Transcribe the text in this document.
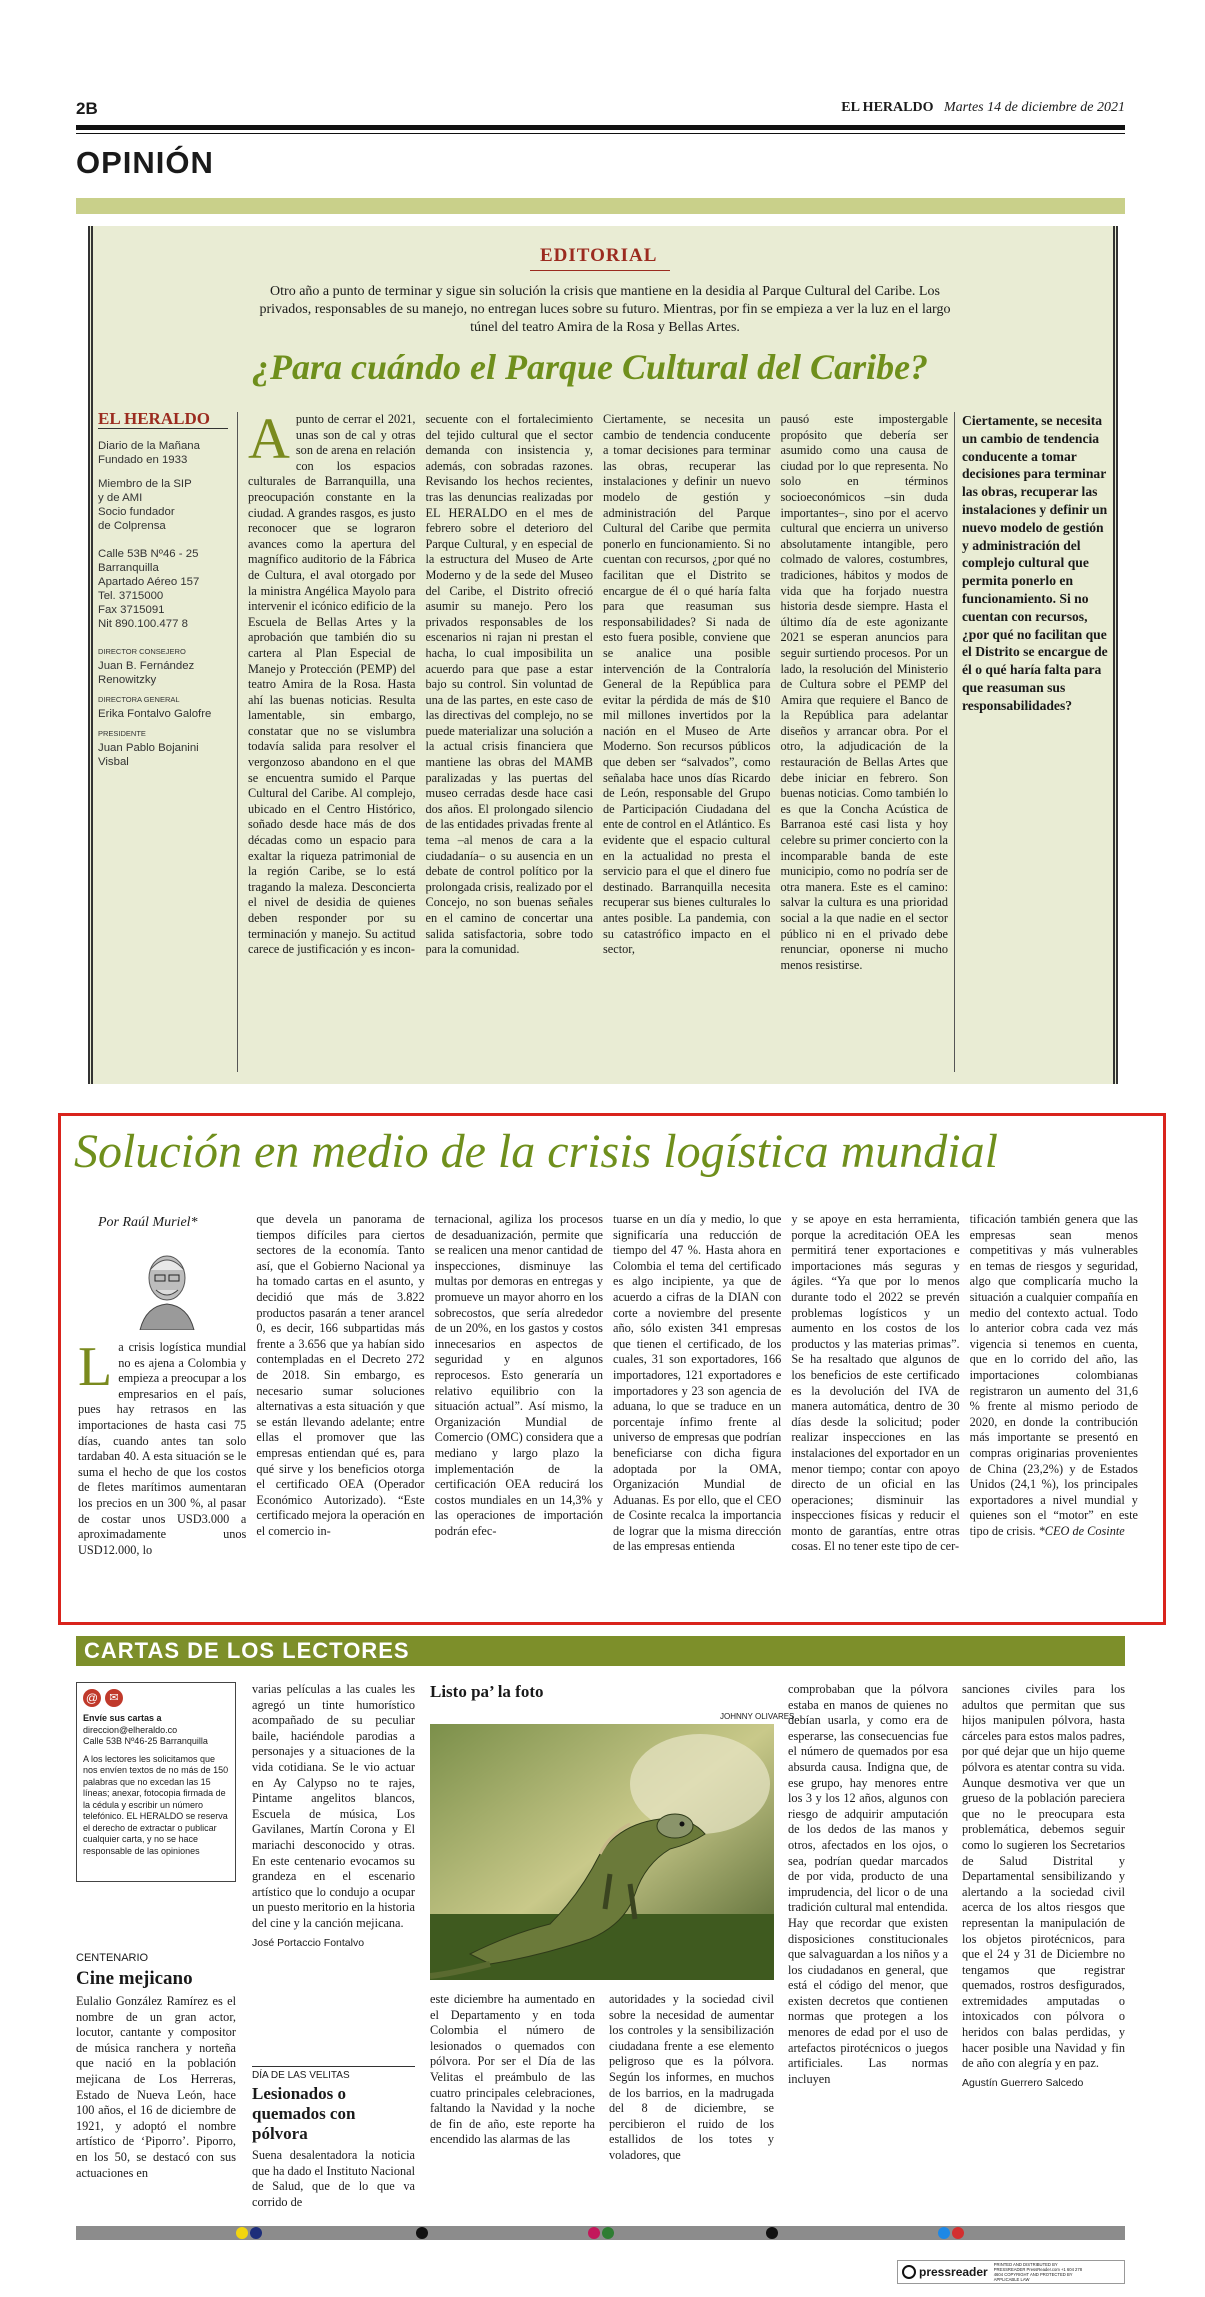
2B	EL HERALDO Martes 14 de diciembre de 2021
OPINIÓN
EDITORIAL
Otro año a punto de terminar y sigue sin solución la crisis que mantiene en la desidia al Parque Cultural del Caribe. Los privados, responsables de su manejo, no entregan luces sobre su futuro. Mientras, por fin se empieza a ver la luz en el largo túnel del teatro Amira de la Rosa y Bellas Artes.
¿Para cuándo el Parque Cultural del Caribe?
EL HERALDO
Diario de la Mañana
Fundado en 1933
Miembro de la SIP
y de AMI
Socio fundador
de Colprensa
Calle 53B Nº46 - 25
Barranquilla
Apartado Aéreo 157
Tel. 3715000
Fax 3715091
Nit 890.100.477 8
DIRECTOR CONSEJERO
Juan B. Fernández Renowitzky
DIRECTORA GENERAL
Erika Fontalvo Galofre
PRESIDENTE
Juan Pablo Bojanini Visbal
Apunto de cerrar el 2021, unas son de cal y otras son de arena en relación con los espacios culturales de Barranquilla, una preocupación constante en la ciudad. A grandes rasgos, es justo reconocer que se lograron avances como la apertura del magnífico auditorio de la Fábrica de Cultura, el aval otorgado por la ministra Angélica Mayolo para intervenir el icónico edificio de la Escuela de Bellas Artes y la aprobación que también dio su cartera al Plan Especial de Manejo y Protección (PEMP) del teatro Amira de la Rosa. Hasta ahí las buenas noticias. Resulta lamentable, sin embargo, constatar que no se vislumbra todavía salida para resolver el vergonzoso abandono en el que se encuentra sumido el Parque Cultural del Caribe. Al complejo, ubicado en el Centro Histórico, soñado desde hace más de dos décadas como un espacio para exaltar la riqueza patrimonial de la región Caribe, se lo está tragando la maleza. Desconcierta el nivel de desidia de quienes deben responder por su terminación y manejo. Su actitud carece de justificación y es incon-
secuente con el fortalecimiento del tejido cultural que el sector demanda con insistencia y, además, con sobradas razones. Revisando los hechos recientes, tras las denuncias realizadas por EL HERALDO en el mes de febrero sobre el deterioro del Parque Cultural, y en especial de la estructura del Museo de Arte Moderno y de la sede del Museo del Caribe, el Distrito ofreció asumir su manejo. Pero los privados responsables de los escenarios ni rajan ni prestan el hacha, lo cual imposibilita un acuerdo para que pase a estar bajo su control. Sin voluntad de una de las partes, en este caso de las directivas del complejo, no se puede materializar una solución a la actual crisis financiera que mantiene las obras del MAMB paralizadas y las puertas del museo cerradas desde hace casi dos años. El prolongado silencio de las entidades privadas frente al tema –al menos de cara a la ciudadanía– o su ausencia en un debate de control político por la prolongada crisis, realizado por el Concejo, no son buenas señales en el camino de concertar una salida satisfactoria, sobre todo para la comunidad.
Ciertamente, se necesita un cambio de tendencia conducente a tomar decisiones para terminar las obras, recuperar las instalaciones y definir un nuevo modelo de gestión y administración del Parque Cultural del Caribe que permita ponerlo en funcionamiento. Si no cuentan con recursos, ¿por qué no facilitan que el Distrito se encargue de él o qué haría falta para que reasuman sus responsabilidades? Si nada de esto fuera posible, conviene que se analice una posible intervención de la Contraloría General de la República para evitar la pérdida de más de $10 mil millones invertidos por la nación en el Museo de Arte Moderno. Son recursos públicos que deben ser “salvados”, como señalaba hace unos días Ricardo de León, responsable del Grupo de Participación Ciudadana del ente de control en el Atlántico. Es evidente que el espacio cultural en la actualidad no presta el servicio para el que el dinero fue destinado. Barranquilla necesita recuperar sus bienes culturales lo antes posible. La pandemia, con su catastrófico impacto en el sector,
pausó este impostergable propósito que debería ser asumido como una causa de ciudad por lo que representa. No solo en términos socioeconómicos –sin duda importantes–, sino por el acervo cultural que encierra un universo absolutamente intangible, pero colmado de valores, costumbres, tradiciones, hábitos y modos de vida que ha forjado nuestra historia desde siempre. Hasta el último día de este agonizante 2021 se esperan anuncios para seguir surtiendo procesos. Por un lado, la resolución del Ministerio de Cultura sobre el PEMP del Amira que requiere el Banco de la República para adelantar diseños y arrancar obra. Por el otro, la adjudicación de la restauración de Bellas Artes que debe iniciar en febrero. Son buenas noticias. Como también lo es que la Concha Acústica de Barranoa esté casi lista y hoy celebre su primer concierto con la incomparable banda de este municipio, como no podría ser de otra manera. Este es el camino: salvar la cultura es una prioridad social a la que nadie en el sector público ni en el privado debe renunciar, oponerse ni mucho menos resistirse.
Ciertamente, se necesita un cambio de tendencia conducente a tomar decisiones para terminar las obras, recuperar las instalaciones y definir un nuevo modelo de gestión y administración del complejo cultural que permita ponerlo en funcionamiento. Si no cuentan con recursos, ¿por qué no facilitan que el Distrito se encargue de él o qué haría falta para que reasuman sus responsabilidades?
Solución en medio de la crisis logística mundial
Por Raúl Muriel*
La crisis logística mundial no es ajena a Colombia y empieza a preocupar a los empresarios en el país, pues hay retrasos en las importaciones de hasta casi 75 días, cuando antes tan solo tardaban 40. A esta situación se le suma el hecho de que los costos de fletes marítimos aumentaran los precios en un 300 %, al pasar de costar unos USD3.000 a aproximadamente unos USD12.000, lo
que devela un panorama de tiempos difíciles para ciertos sectores de la economía. Tanto así, que el Gobierno Nacional ya ha tomado cartas en el asunto, y decidió que más de 3.822 productos pasarán a tener arancel 0, es decir, 166 subpartidas más frente a 3.656 que ya habían sido contempladas en el Decreto 272 de 2018. Sin embargo, es necesario sumar soluciones alternativas a esta situación y que se están llevando adelante; entre ellas el promover que las empresas entiendan qué es, para qué sirve y los beneficios otorga el certificado OEA (Operador Económico Autorizado). “Este certificado mejora la operación en el comercio in-
ternacional, agiliza los procesos de desaduanización, permite que se realicen una menor cantidad de inspecciones, disminuye las multas por demoras en entregas y promueve un mayor ahorro en los sobrecostos, que sería alrededor de un 20%, en los gastos y costos innecesarios en aspectos de seguridad y en algunos reprocesos. Esto generaría un relativo equilibrio con la situación actual”. Así mismo, la Organización Mundial de Comercio (OMC) considera que a mediano y largo plazo la implementación de la certificación OEA reducirá los costos mundiales en un 14,3% y las operaciones de importación podrán efec-
tuarse en un día y medio, lo que significaría una reducción de tiempo del 47 %. Hasta ahora en Colombia el tema del certificado es algo incipiente, ya que de acuerdo a cifras de la DIAN con corte a noviembre del presente año, sólo existen 341 empresas que tienen el certificado, de los cuales, 31 son exportadores, 166 importadores, 121 exportadores e importadores y 23 son agencia de aduana, lo que se traduce en un porcentaje ínfimo frente al universo de empresas que podrían beneficiarse con dicha figura adoptada por la OMA, Organización Mundial de Aduanas. Es por ello, que el CEO de Cosinte recalca la importancia de lograr que la misma dirección de las empresas entienda
y se apoye en esta herramienta, porque la acreditación OEA les permitirá tener exportaciones e importaciones más seguras y ágiles. “Ya que por lo menos durante todo el 2022 se prevén problemas logísticos y un aumento en los costos de los productos y las materias primas”. Se ha resaltado que algunos de los beneficios de este certificado es la devolución del IVA de manera automática, dentro de 30 días desde la solicitud; poder realizar inspecciones en las instalaciones del exportador en un menor tiempo; contar con apoyo directo de un oficial en las operaciones; disminuir las inspecciones físicas y reducir el monto de garantías, entre otras cosas. El no tener este tipo de cer-
tificación también genera que las empresas sean menos competitivas y más vulnerables en temas de riesgos y seguridad, algo que complicaría mucho la situación a cualquier compañía en medio del contexto actual. Todo lo anterior cobra cada vez más vigencia si tenemos en cuenta, que en lo corrido del año, las importaciones colombianas registraron un aumento del 31,6 % frente al mismo periodo de 2020, en donde la contribución más importante se presentó en compras originarias provenientes de China (23,2%) y de Estados Unidos (24,1 %), los principales exportadores a nivel mundial y quienes son el “motor” en este tipo de crisis. *CEO de Cosinte
CARTAS DE LOS LECTORES
@	✉
Envíe sus cartas a
direccion@elheraldo.co
Calle 53B Nº46-25 Barranquilla
A los lectores les solicitamos que nos envíen textos de no más de 150 palabras que no excedan las 15 líneas; anexar, fotocopia firmada de la cédula y escribir un número telefónico. EL HERALDO se reserva el derecho de extractar o publicar cualquier carta, y no se hace responsable de las opiniones
CENTENARIO
Cine mejicano
Eulalio González Ramírez es el nombre de un gran actor, locutor, cantante y compositor de música ranchera y norteña que nació en la población mejicana de Los Herreras, Estado de Nueva León, hace 100 años, el 16 de diciembre de 1921, y adoptó el nombre artístico de ‘Piporro’. Piporro, en los 50, se destacó con sus actuaciones en
varias películas a las cuales les agregó un tinte humorístico acompañado de su peculiar baile, haciéndole parodias a personajes y a situaciones de la vida cotidiana. Se le vio actuar en Ay Calypso no te rajes, Pintame angelitos blancos, Escuela de música, Los Gavilanes, Martín Corona y El mariachi desconocido y otras. En este centenario evocamos su grandeza en el escenario artístico que lo condujo a ocupar un puesto meritorio en la historia del cine y la canción mejicana.
José Portaccio Fontalvo
DÍA DE LAS VELITAS
Lesionados o quemados con pólvora
Suena desalentadora la noticia que ha dado el Instituto Nacional de Salud, que de lo que va corrido de
Listo pa’ la foto
JOHNNY OLIVARES
este diciembre ha aumentado en el Departamento y en toda Colombia el número de lesionados o quemados con pólvora. Por ser el Día de las Velitas el preámbulo de las cuatro principales celebraciones, faltando la Navidad y la noche de fin de año, este reporte ha encendido las alarmas de las
autoridades y la sociedad civil sobre la necesidad de aumentar los controles y la sensibilización ciudadana frente a ese elemento peligroso que es la pólvora. Según los informes, en muchos de los barrios, en la madrugada del 8 de diciembre, se percibieron el ruido de los estallidos de los totes y voladores, que
comprobaban que la pólvora estaba en manos de quienes no debían usarla, y como era de esperarse, las consecuencias fue el número de quemados por esa absurda causa. Indigna que, de ese grupo, hay menores entre los 3 y los 12 años, algunos con riesgo de adquirir amputación de los dedos de las manos y otros, afectados en los ojos, o sea, podrían quedar marcados de por vida, producto de una imprudencia, del licor o de una tradición cultural mal entendida. Hay que recordar que existen disposiciones constitucionales que salvaguardan a los niños y a los ciudadanos en general, que está el código del menor, que existen decretos que contienen normas que protegen a los menores de edad por el uso de artefactos pirotécnicos o juegos artificiales. Las normas incluyen
sanciones civiles para los adultos que permitan que sus hijos manipulen pólvora, hasta cárceles para estos malos padres, por qué dejar que un hijo queme pólvora es atentar contra su vida. Aunque desmotiva ver que un grueso de la población pareciera que no le preocupara esta problemática, debemos seguir como lo sugieren los Secretarios de Salud Distrital y Departamental sensibilizando y alertando a la sociedad civil acerca de los altos riesgos que representan la manipulación de los objetos pirotécnicos, para que el 24 y 31 de Diciembre no tengamos que registrar quemados, rostros desfigurados, extremidades amputadas o intoxicados con pólvora o heridos con balas perdidas, y hacer posible una Navidad y fin de año con alegría y en paz.
Agustín Guerrero Salcedo
pressreader
PRINTED AND DISTRIBUTED BY PRESSREADER PressReader.com +1 604 278 4604 COPYRIGHT AND PROTECTED BY APPLICABLE LAW
